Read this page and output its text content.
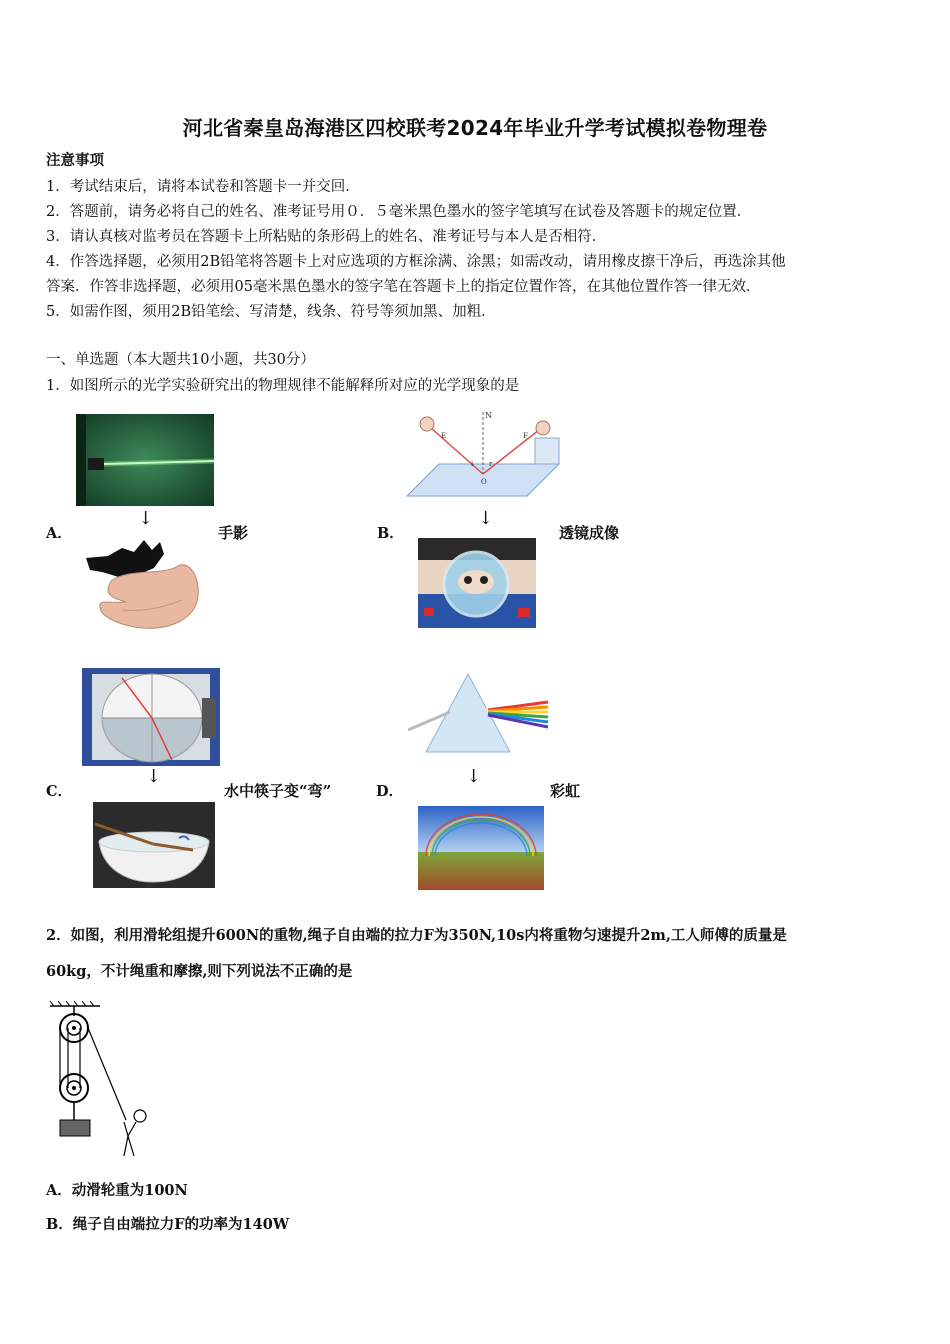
河北省秦皇岛海港区四校联考2024年毕业升学考试模拟卷物理卷
注意事项
1．考试结束后，请将本试卷和答题卡一并交回．
2．答题前，请务必将自己的姓名、准考证号用０．５毫米黑色墨水的签字笔填写在试卷及答题卡的规定位置．
3．请认真核对监考员在答题卡上所粘贴的条形码上的姓名、准考证号与本人是否相符．
4．作答选择题，必须用2B铅笔将答题卡上对应选项的方框涂满、涂黑；如需改动，请用橡皮擦干净后，再选涂其他
答案．作答非选择题，必须用05毫米黑色墨水的签字笔在答题卡上的指定位置作答，在其他位置作答一律无效．
5．如需作图，须用2B铅笔绘、写清楚，线条、符号等须加黑、加粗．
一、单选题（本大题共10小题，共30分）
1．如图所示的光学实验研究出的物理规律不能解释所对应的光学现象的是
↓
A．	手影
N
i r
E	F
O
↓
B．	透镜成像
↓
C．	水中筷子变“弯”
↓
D．	彩虹
2．如图，利用滑轮组提升600N的重物,绳子自由端的拉力F为350N,10s内将重物匀速提升2m,工人师傅的质量是
60kg，不计绳重和摩擦,则下列说法不正确的是
A．动滑轮重为100N
B．绳子自由端拉力F的功率为140W
